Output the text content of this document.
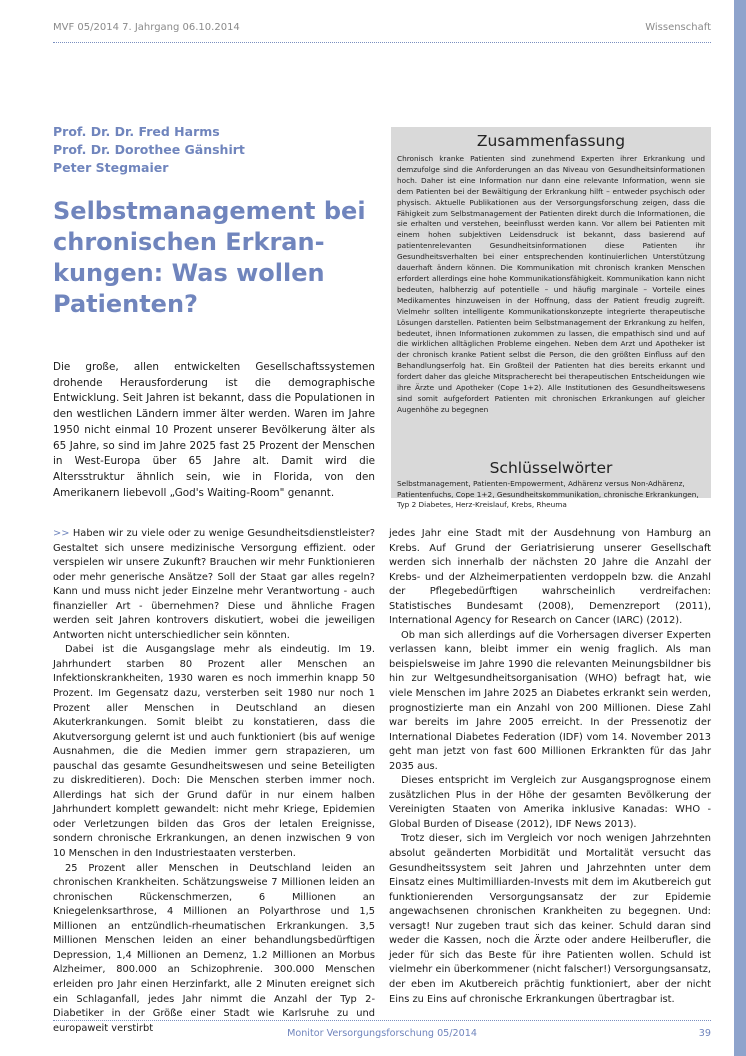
MVF 05/2014 7. Jahrgang 06.10.2014	Wissenschaft
Prof. Dr. Dr. Fred Harms
Prof. Dr. Dorothee Gänshirt
Peter Stegmaier
Selbstmanagement bei
chronischen Erkran-
kungen: Was wollen
Patienten?
Die große, allen entwickelten Gesellschaftssystemen drohende Herausforderung ist die demographische Entwicklung. Seit Jahren ist bekannt, dass die Populationen in den westlichen Ländern immer älter werden. Waren im Jahre 1950 nicht einmal 10 Prozent unserer Bevölkerung älter als 65 Jahre, so sind im Jahre 2025 fast 25 Prozent der Menschen in West-Europa über 65 Jahre alt. Damit wird die Altersstruktur ähnlich sein, wie in Florida, von den Amerikanern liebevoll „God's Waiting-Room" genannt.
Zusammenfassung
Chronisch kranke Patienten sind zunehmend Experten ihrer Erkrankung und demzufolge sind die Anforderungen an das Niveau von Gesundheitsinformationen hoch. Daher ist eine Information nur dann eine relevante Information, wenn sie dem Patienten bei der Bewältigung der Erkrankung hilft – entweder psychisch oder physisch. Aktuelle Publikationen aus der Versorgungsforschung zeigen, dass die Fähigkeit zum Selbstmanagement der Patienten direkt durch die Informationen, die sie erhalten und verstehen, beeinflusst werden kann. Vor allem bei Patienten mit einem hohen subjektiven Leidensdruck ist bekannt, dass basierend auf patientenrelevanten Gesundheitsinformationen diese Patienten ihr Gesundheitsverhalten bei einer entsprechenden kontinuierlichen Unterstützung dauerhaft ändern können. Die Kommunikation mit chronisch kranken Menschen erfordert allerdings eine hohe Kommunikationsfähigkeit. Kommunikation kann nicht bedeuten, halbherzig auf potentielle – und häufig marginale – Vorteile eines Medikamentes hinzuweisen in der Hoffnung, dass der Patient freudig zugreift. Vielmehr sollten intelligente Kommunikationskonzepte integrierte therapeutische Lösungen darstellen. Patienten beim Selbstmanagement der Erkrankung zu helfen, bedeutet, ihnen Informationen zukommen zu lassen, die empathisch sind und auf die wirklichen alltäglichen Probleme eingehen. Neben dem Arzt und Apotheker ist der chronisch kranke Patient selbst die Person, die den größten Einfluss auf den Behandlungserfolg hat. Ein Großteil der Patienten hat dies bereits erkannt und fordert daher das gleiche Mitspracherecht bei therapeutischen Entscheidungen wie ihre Ärzte und Apotheker (Cope 1+2). Alle Institutionen des Gesundheitswesens sind somit aufgefordert Patienten mit chronischen Erkrankungen auf gleicher Augenhöhe zu begegnen
Schlüsselwörter
Selbstmanagement, Patienten-Empowerment, Adhärenz versus Non-Adhärenz, Patientenfuchs, Cope 1+2, Gesundheitskommunikation, chronische Erkrankungen, Typ 2 Diabetes, Herz-Kreislauf, Krebs, Rheuma

>> Haben wir zu viele oder zu wenige Gesundheitsdienstleister? Gestaltet sich unsere medizinische Versorgung effizient. oder verspielen wir unsere Zukunft? Brauchen wir mehr Funktionieren oder mehr generische Ansätze? Soll der Staat gar alles regeln? Kann und muss nicht jeder Einzelne mehr Verantwortung - auch finanzieller Art - übernehmen? Diese und ähnliche Fragen werden seit Jahren kontrovers diskutiert, wobei die jeweiligen Antworten nicht unterschiedlicher sein könnten.

Dabei ist die Ausgangslage mehr als eindeutig. Im 19. Jahrhundert starben 80 Prozent aller Menschen an Infektionskrankheiten, 1930 waren es noch immerhin knapp 50 Prozent. Im Gegensatz dazu, versterben seit 1980 nur noch 1 Prozent aller Menschen in Deutschland an diesen Akuterkrankungen. Somit bleibt zu konstatieren, dass die Akutversorgung gelernt ist und auch funktioniert (bis auf wenige Ausnahmen, die die Medien immer gern strapazieren, um pauschal das gesamte Gesundheitswesen und seine Beteiligten zu diskreditieren). Doch: Die Menschen sterben immer noch. Allerdings hat sich der Grund dafür in nur einem halben Jahrhundert komplett gewandelt: nicht mehr Kriege, Epidemien oder Verletzungen bilden das Gros der letalen Ereignisse, sondern chronische Erkrankungen, an denen inzwischen 9 von 10 Menschen in den Industriestaaten versterben.

25 Prozent aller Menschen in Deutschland leiden an chronischen Krankheiten. Schätzungsweise 7 Millionen leiden an chronischen Rückenschmerzen, 6 Millionen an Kniegelenksarthrose, 4 Millionen an Polyarthrose und 1,5 Millionen an entzündlich-rheumatischen Erkrankungen. 3,5 Millionen Menschen leiden an einer behandlungsbedürftigen Depression, 1,4 Millionen an Demenz, 1.2 Millionen an Morbus Alzheimer, 800.000 an Schizophrenie. 300.000 Menschen erleiden pro Jahr einen Herzinfarkt, alle 2 Minuten ereignet sich ein Schlaganfall, jedes Jahr nimmt die Anzahl der Typ 2-Diabetiker in der Größe einer Stadt wie Karlsruhe zu und europaweit verstirbt

jedes Jahr eine Stadt mit der Ausdehnung von Hamburg an Krebs. Auf Grund der Geriatrisierung unserer Gesellschaft werden sich innerhalb der nächsten 20 Jahre die Anzahl der Krebs- und der Alzheimerpatienten verdoppeln bzw. die Anzahl der Pflegebedürftigen wahrscheinlich verdreifachen: Statistisches Bundesamt (2008), Demenzreport (2011), International Agency for Research on Cancer (IARC) (2012).

Ob man sich allerdings auf die Vorhersagen diverser Experten verlassen kann, bleibt immer ein wenig fraglich. Als man beispielsweise im Jahre 1990 die relevanten Meinungsbildner bis hin zur Weltgesundheitsorganisation (WHO) befragt hat, wie viele Menschen im Jahre 2025 an Diabetes erkrankt sein werden, prognostizierte man ein Anzahl von 200 Millionen. Diese Zahl war bereits im Jahre 2005 erreicht. In der Pressenotiz der International Diabetes Federation (IDF) vom 14. November 2013 geht man jetzt von fast 600 Millionen Erkrankten für das Jahr 2035 aus.

Dieses entspricht im Vergleich zur Ausgangsprognose einem zusätzlichen Plus in der Höhe der gesamten Bevölkerung der Vereinigten Staaten von Amerika inklusive Kanadas: WHO - Global Burden of Disease (2012), IDF News 2013).

Trotz dieser, sich im Vergleich vor noch wenigen Jahrzehnten absolut geänderten Morbidität und Mortalität versucht das Gesundheitssystem seit Jahren und Jahrzehnten unter dem Einsatz eines Multimilliarden-Invests mit dem im Akutbereich gut funktionierenden Versorgungsansatz der zur Epidemie angewachsenen chronischen Krankheiten zu begegnen. Und: versagt! Nur zugeben traut sich das keiner. Schuld daran sind weder die Kassen, noch die Ärzte oder andere Heilberufler, die jeder für sich das Beste für ihre Patienten wollen. Schuld ist vielmehr ein überkommener (nicht falscher!) Versorgungsansatz, der eben im Akutbereich prächtig funktioniert, aber der nicht Eins zu Eins auf chronische Erkrankungen übertragbar ist.

Monitor Versorgungsforschung 05/2014	39
